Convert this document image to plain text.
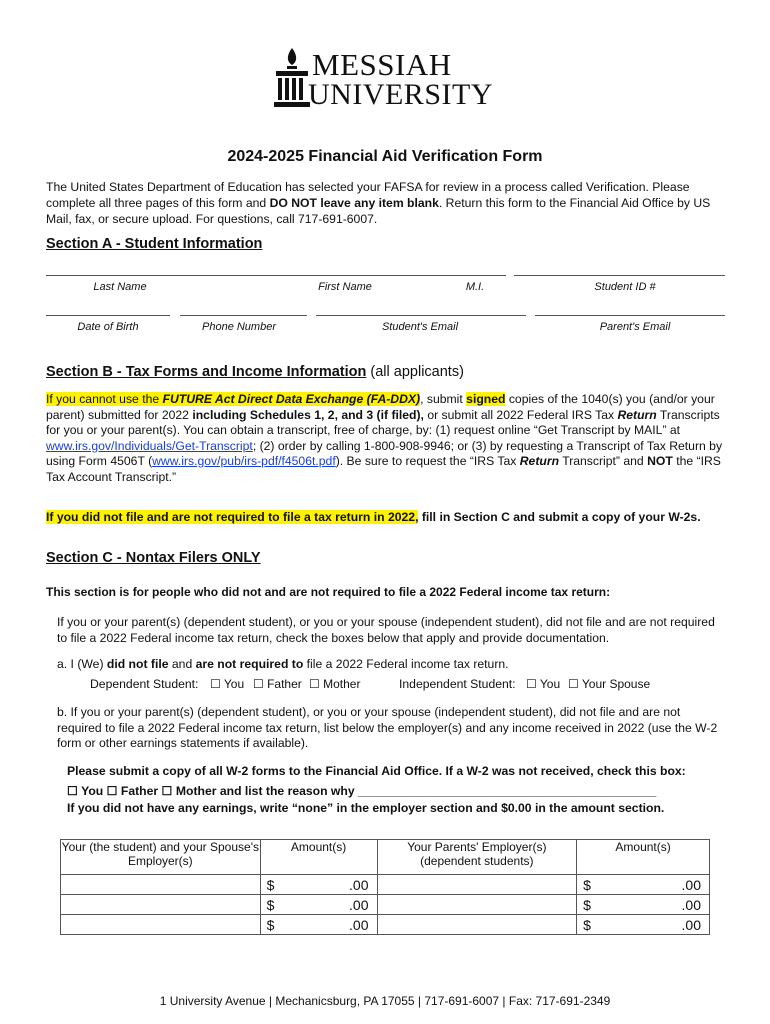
MESSIAH
UNIVERSITY
2024-2025 Financial Aid Verification Form
The United States Department of Education has selected your FAFSA for review in a process called Verification. Please complete all three pages of this form and DO NOT leave any item blank. Return this form to the Financial Aid Office by US Mail, fax, or secure upload. For questions, call 717-691-6007.
Section A - Student Information
Last Name	First Name	M.I.	Student ID #
Date of Birth	Phone Number	Student's Email	Parent's Email
Section B - Tax Forms and Income Information (all applicants)
If you cannot use the FUTURE Act Direct Data Exchange (FA-DDX), submit signed copies of the 1040(s) you (and/or your parent) submitted for 2022 including Schedules 1, 2, and 3 (if filed), or submit all 2022 Federal IRS Tax Return Transcripts for you or your parent(s). You can obtain a transcript, free of charge, by: (1) request online “Get Transcript by MAIL” at www.irs.gov/Individuals/Get-Transcript; (2) order by calling 1-800-908-9946; or (3) by requesting a Transcript of Tax Return by using Form 4506T (www.irs.gov/pub/irs-pdf/f4506t.pdf). Be sure to request the “IRS Tax Return Transcript” and NOT the “IRS Tax Account Transcript.”
If you did not file and are not required to file a tax return in 2022, fill in Section C and submit a copy of your W-2s.
Section C - Nontax Filers ONLY
This section is for people who did not and are not required to file a 2022 Federal income tax return:
If you or your parent(s) (dependent student), or you or your spouse (independent student), did not file and are not required to file a 2022 Federal income tax return, check the boxes below that apply and provide documentation.
a. I (We) did not file and are not required to file a 2022 Federal income tax return.
Dependent Student: ☐ You ☐ Father ☐ Mother	Independent Student: ☐ You ☐ Your Spouse
b. If you or your parent(s) (dependent student), or you or your spouse (independent student), did not file and are not required to file a 2022 Federal income tax return, list below the employer(s) and any income received in 2022 (use the W-2 form or other earnings statements if available).
Please submit a copy of all W-2 forms to the Financial Aid Office. If a W-2 was not received, check this box:
☐ You ☐ Father ☐ Mother and list the reason why ____________________________________________
If you did not have any earnings, write “none” in the employer section and $0.00 in the amount section.
Your (the student) and your Spouse's Employer(s)	Amount(s)	Your Parents' Employer(s) (dependent students)	Amount(s)

	$ .00		$ .00

	$ .00		$ .00

	$ .00		$ .00
1 University Avenue | Mechanicsburg, PA 17055 | 717-691-6007 | Fax: 717-691-2349
